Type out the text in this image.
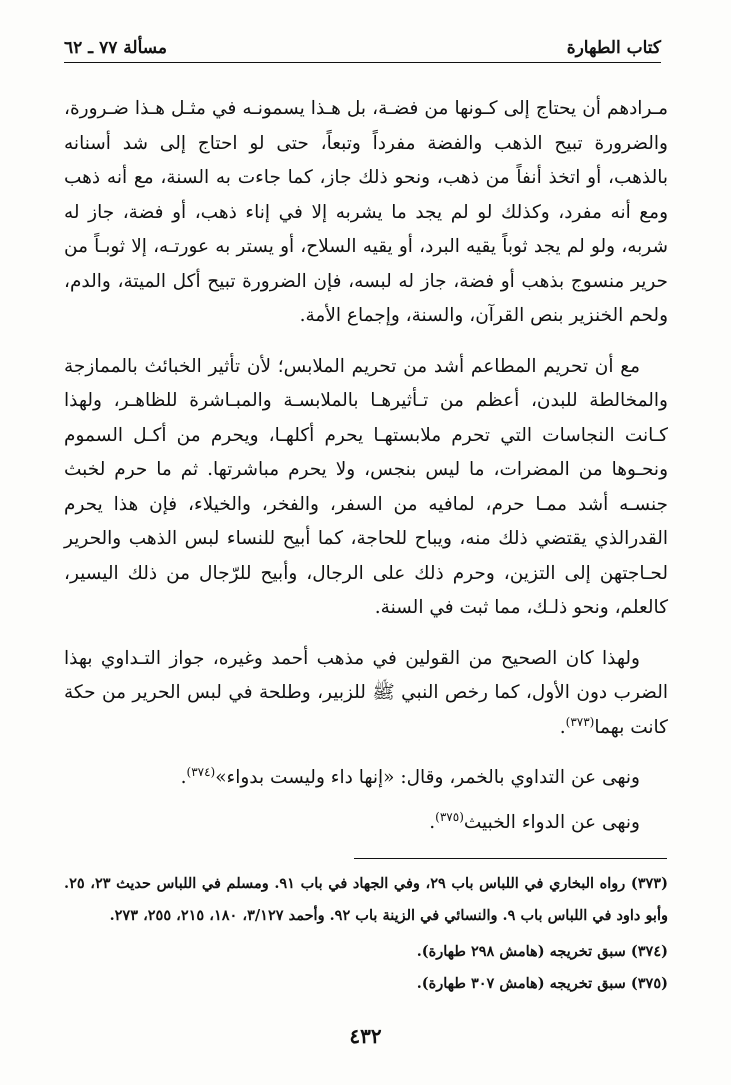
كتاب الطهارة
مسألة ٧٧ ـ ٦٢

مـرادهم أن يحتاج إلى كـونها من فضـة، بل هـذا يسمونـه في مثـل هـذا ضـرورة، والضرورة تبيح الذهب والفضة مفرداً وتبعاً، حتى لو احتاج إلى شد أسنانه بالذهب، أو اتخذ أنفاً من ذهب، ونحو ذلك جاز، كما جاءت به السنة، مع أنه ذهب ومع أنه مفرد، وكذلك لو لم يجد ما يشربه إلا في إناء ذهب، أو فضة، جاز له شربه، ولو لم يجد ثوباً يقيه البرد، أو يقيه السلاح، أو يستر به عورتـه، إلا ثوبـاً من حرير منسوج بذهب أو فضة، جاز له لبسه، فإن الضرورة تبيح أكل الميتة، والدم، ولحم الخنزير بنص القرآن، والسنة، وإجماع الأمة.

مع أن تحريم المطاعم أشد من تحريم الملابس؛ لأن تأثير الخبائث بالممازجة والمخالطة للبدن، أعظم من تـأثيرهـا بالملابسـة والمبـاشرة للظاهـر، ولهذا كـانت النجاسات التي تحرم ملابستهـا يحرم أكلهـا، ويحرم من أكـل السموم ونحـوها من المضرات، ما ليس بنجس، ولا يحرم مباشرتها. ثم ما حرم لخبث جنسـه أشد ممـا حرم، لمافيه من السفر، والفخر، والخيلاء، فإن هذا يحرم القدرالذي يقتضي ذلك منه، ويباح للحاجة، كما أبيح للنساء لبس الذهب والحرير لحـاجتهن إلى التزين، وحرم ذلك على الرجال، وأبيح للرّجال من ذلك اليسير، كالعلم، ونحو ذلـك، مما ثبت في السنة.

ولهذا كان الصحيح من القولين في مذهب أحمد وغيره، جواز التـداوي بهذا الضرب دون الأول، كما رخص النبي ﷺ للزبير، وطلحة في لبس الحرير من حكة كانت بهما$^{(٣٧٣)}$.

ونهى عن التداوي بالخمر، وقال: «إنها داء وليست بدواء»$^{(٣٧٤)}$.

ونهى عن الدواء الخبيث$^{(٣٧٥)}$.

(٣٧٣) رواه البخاري في اللباس باب ٢٩، وفي الجهاد في باب ٩١. ومسلم في اللباس حديث ٢٣، ٢٥. وأبو داود في اللباس باب ٩. والنسائي في الزينة باب ٩٢. وأحمد ٣/١٢٧، ١٨٠، ٢١٥، ٢٥٥، ٢٧٣.

(٣٧٤) سبق تخريجه (هامش ٢٩٨ طهارة).

(٣٧٥) سبق تخريجه (هامش ٣٠٧ طهارة).

٤٣٢
